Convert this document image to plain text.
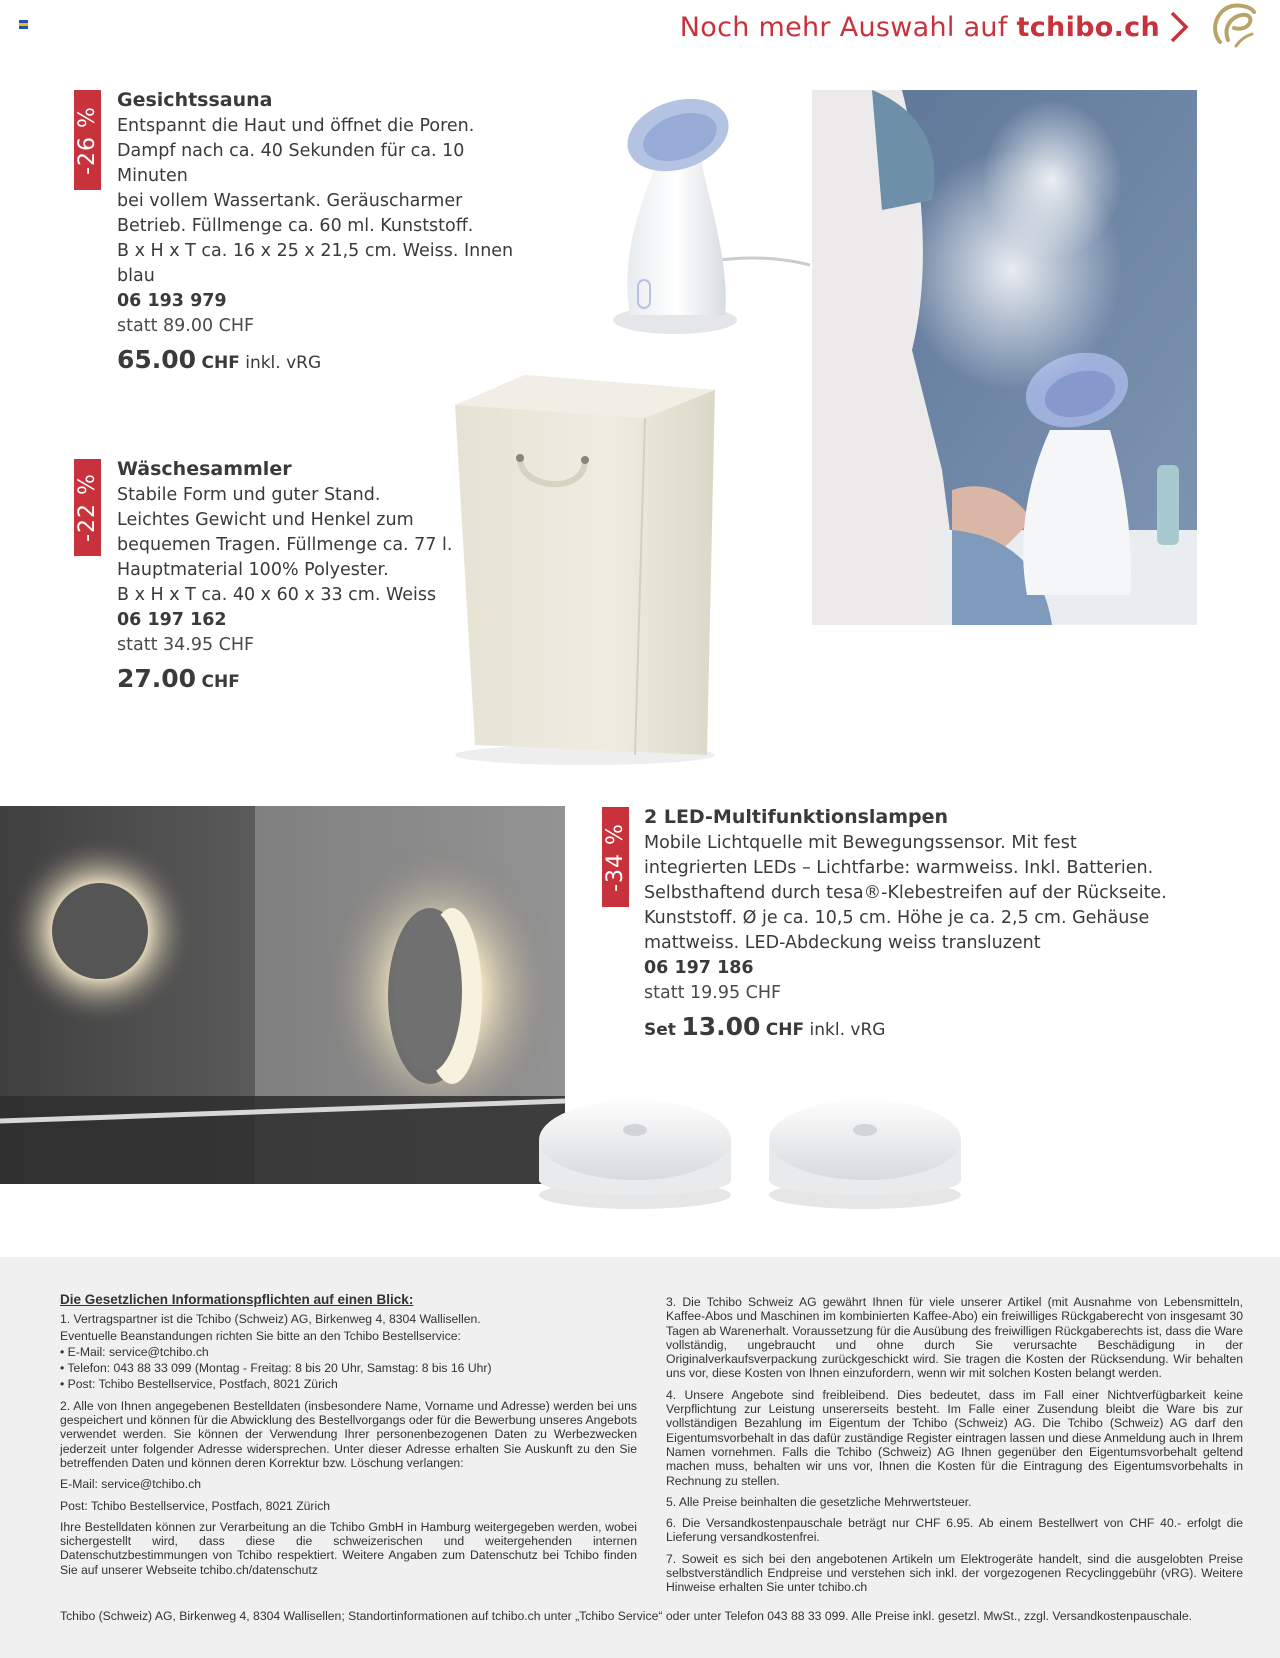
Noch mehr Auswahl auf tchibo.ch
-26 %
Gesichtssauna
Entspannt die Haut und öffnet die Poren.
Dampf nach ca. 40 Sekunden für ca. 10 Minuten
bei vollem Wassertank. Geräuscharmer
Betrieb. Füllmenge ca. 60 ml. Kunststoff.
B x H x T ca. 16 x 25 x 21,5 cm. Weiss. Innen blau
06 193 979
statt 89.00 CHF
65.00 CHF inkl. vRG
-22 %
Wäschesammler
Stabile Form und guter Stand.
Leichtes Gewicht und Henkel zum
bequemen Tragen. Füllmenge ca. 77 l.
Hauptmaterial 100% Polyester.
B x H x T ca. 40 x 60 x 33 cm. Weiss
06 197 162
statt 34.95 CHF
27.00 CHF
-34 %
2 LED-Multifunktionslampen
Mobile Lichtquelle mit Bewegungssensor. Mit fest
integrierten LEDs – Lichtfarbe: warmweiss. Inkl. Batterien.
Selbsthaftend durch tesa®-Klebestreifen auf der Rückseite.
Kunststoff. Ø je ca. 10,5 cm. Höhe je ca. 2,5 cm. Gehäuse
mattweiss. LED-Abdeckung weiss transluzent
06 197 186
statt 19.95 CHF
Set 13.00 CHF inkl. vRG

Die Gesetzlichen Informationspflichten auf einen Blick:

1. Vertragspartner ist die Tchibo (Schweiz) AG, Birkenweg 4, 8304 Wallisellen.

Eventuelle Beanstandungen richten Sie bitte an den Tchibo Bestellservice:

• E-Mail: service@tchibo.ch

• Telefon: 043 88 33 099 (Montag - Freitag: 8 bis 20 Uhr, Samstag: 8 bis 16 Uhr)

• Post: Tchibo Bestellservice, Postfach, 8021 Zürich

2. Alle von Ihnen angegebenen Bestelldaten (insbesondere Name, Vorname und Adresse) werden bei uns gespeichert und können für die Abwicklung des Bestellvorgangs oder für die Bewerbung unseres Angebots verwendet werden. Sie können der Verwendung Ihrer personenbezogenen Daten zu Werbezwecken jederzeit unter folgender Adresse widersprechen. Unter dieser Adresse erhalten Sie Auskunft zu den Sie betreffenden Daten und können deren Korrektur bzw. Löschung verlangen:

E-Mail: service@tchibo.ch

Post: Tchibo Bestellservice, Postfach, 8021 Zürich

Ihre Bestelldaten können zur Verarbeitung an die Tchibo GmbH in Hamburg weitergegeben werden, wobei sichergestellt wird, dass diese die schweizerischen und weitergehenden internen Datenschutzbestimmungen von Tchibo respektiert. Weitere Angaben zum Datenschutz bei Tchibo finden Sie auf unserer Webseite tchibo.ch/datenschutz

3. Die Tchibo Schweiz AG gewährt Ihnen für viele unserer Artikel (mit Ausnahme von Lebensmitteln, Kaffee-Abos und Maschinen im kombinierten Kaffee-Abo) ein freiwilliges Rückgaberecht von insgesamt 30 Tagen ab Warenerhalt. Voraussetzung für die Ausübung des freiwilligen Rückgaberechts ist, dass die Ware vollständig, ungebraucht und ohne durch Sie verursachte Beschädigung in der Originalverkaufsverpackung zurückgeschickt wird. Sie tragen die Kosten der Rücksendung. Wir behalten uns vor, diese Kosten von Ihnen einzufordern, wenn wir mit solchen Kosten belangt werden.

4. Unsere Angebote sind freibleibend. Dies bedeutet, dass im Fall einer Nichtverfügbarkeit keine Verpflichtung zur Leistung unsererseits besteht. Im Falle einer Zusendung bleibt die Ware bis zur vollständigen Bezahlung im Eigentum der Tchibo (Schweiz) AG. Die Tchibo (Schweiz) AG darf den Eigentumsvorbehalt in das dafür zuständige Register eintragen lassen und diese Anmeldung auch in Ihrem Namen vornehmen. Falls die Tchibo (Schweiz) AG Ihnen gegenüber den Eigentumsvorbehalt geltend machen muss, behalten wir uns vor, Ihnen die Kosten für die Eintragung des Eigentumsvorbehalts in Rechnung zu stellen.

5. Alle Preise beinhalten die gesetzliche Mehrwertsteuer.

6. Die Versandkostenpauschale beträgt nur CHF 6.95. Ab einem Bestellwert von CHF 40.- erfolgt die Lieferung versandkostenfrei.

7. Soweit es sich bei den angebotenen Artikeln um Elektrogeräte handelt, sind die ausgelobten Preise selbstverständlich Endpreise und verstehen sich inkl. der vorgezogenen Recyclinggebühr (vRG). Weitere Hinweise erhalten Sie unter tchibo.ch

Tchibo (Schweiz) AG, Birkenweg 4, 8304 Wallisellen; Standortinformationen auf tchibo.ch unter „Tchibo Service“ oder unter Telefon 043 88 33 099. Alle Preise inkl. gesetzl. MwSt., zzgl. Versandkostenpauschale.
